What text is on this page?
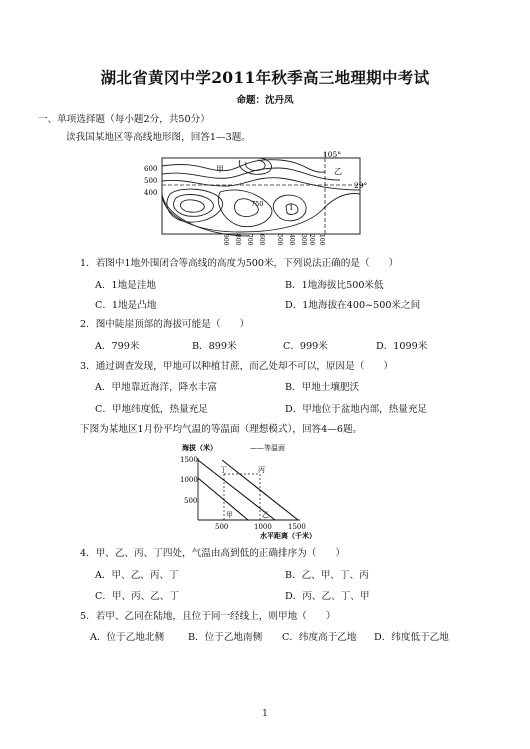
湖北省黄冈中学2011年秋季高三地理期中考试
命题：沈丹凤
一、单项选择题（每小题2分，共50分）
读我国某地区等高线地形图，回答1—3题。
105°
29°
600
500
400
甲	乙
750	1
900 800 700 600 500 400 300 200 100
1．若图中1地外围闭合等高线的高度为500米，下列说法正确的是（　　）
A．1地是洼地	B．1地海拔比500米低
C．1地是凸地	D．1地海拔在400~500米之间
2．图中陡崖顶部的海拔可能是（　　）
A．799米	B．899米	C．999米	D．1099米
3．通过调查发现，甲地可以种植甘蔗，而乙处却不可以，原因是（　　）
A．甲地靠近海洋，降水丰富	B．甲地土壤肥沃
C．甲地纬度低，热量充足	D．甲地位于盆地内部，热量充足
下图为某地区1月份平均气温的等温面（理想模式），回答4—6题。
海拔（米）	——等温面
1500
1000
500
500	1000 1500
丁	丙
甲	乙
水平距离（千米）
4．甲、乙、丙、丁四处，气温由高到低的正确排序为（　　）
A．甲、乙、丙、丁	B．乙、甲、丁、丙
C．甲、丙、乙、丁	D．丙、乙、丁、甲
5．若甲、乙同在陆地，且位于同一经线上，则甲地（　　）
A．位于乙地北侧 B．位于乙地南侧 C．纬度高于乙地 D．纬度低于乙地
1
